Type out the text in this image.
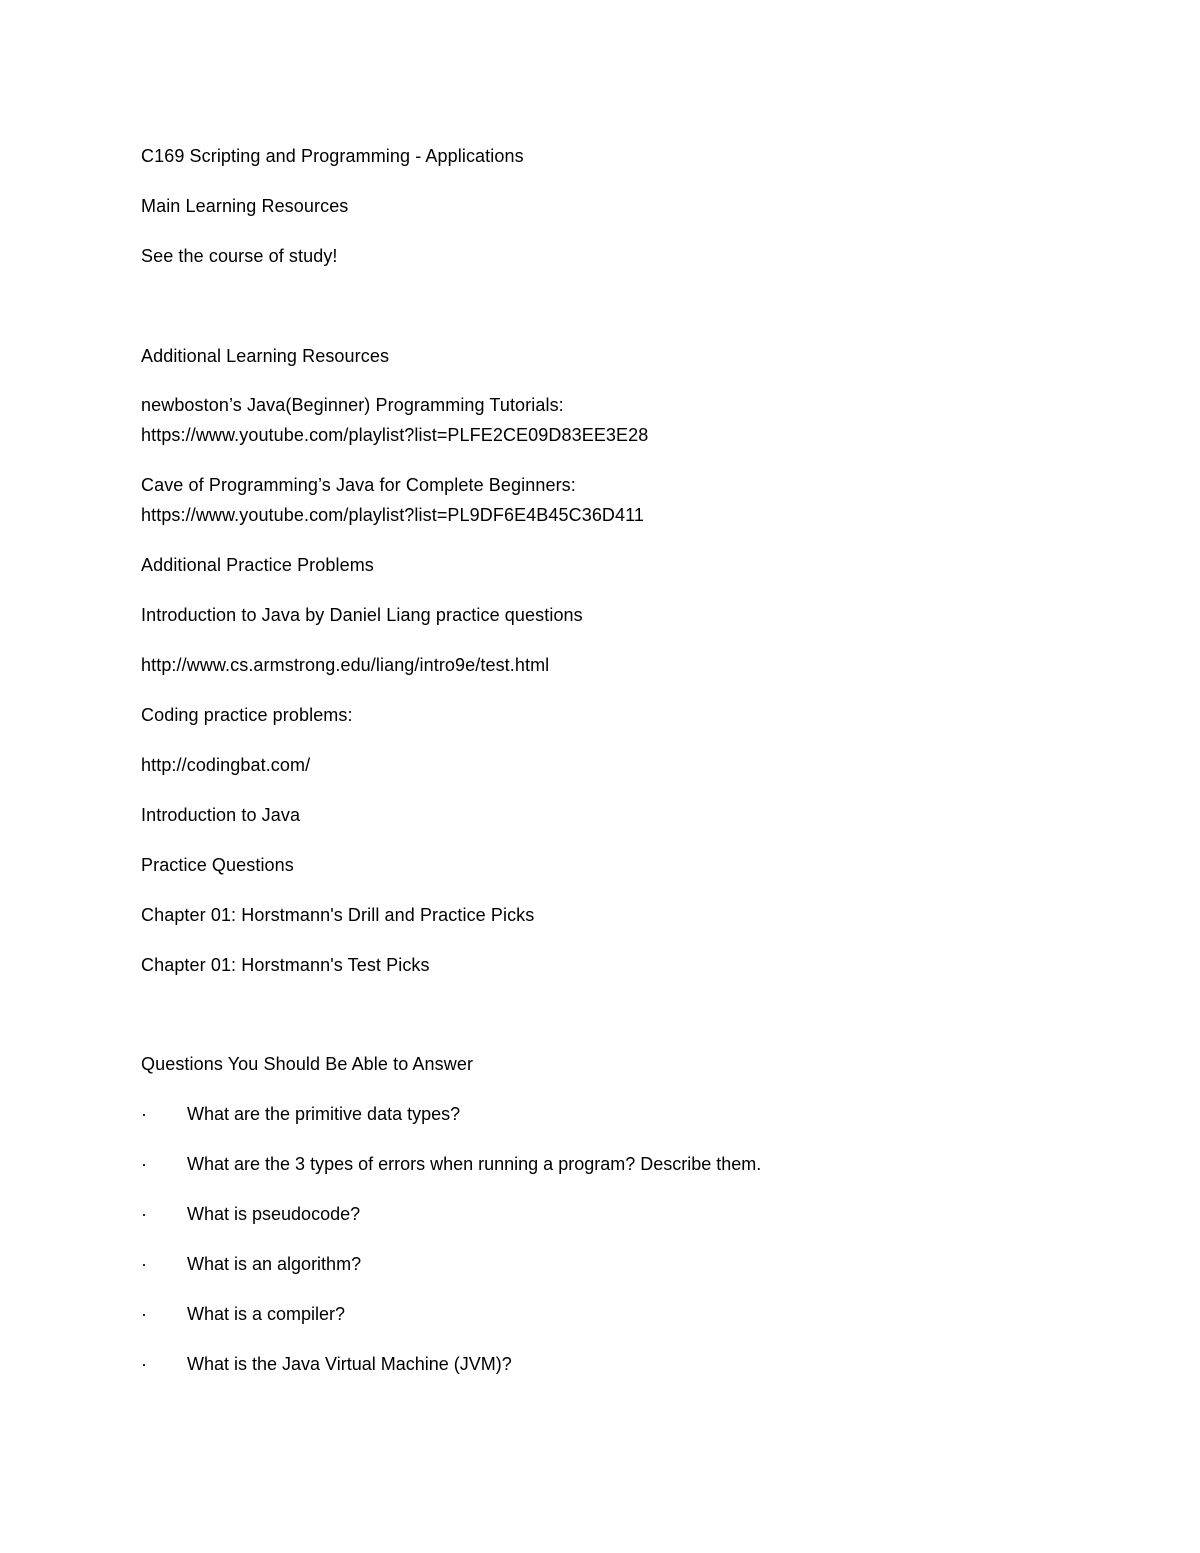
C169 Scripting and Programming - Applications
Main Learning Resources
See the course of study!
Additional Learning Resources
newboston’s Java(Beginner) Programming Tutorials:
https://www.youtube.com/playlist?list=PLFE2CE09D83EE3E28
Cave of Programming’s Java for Complete Beginners:
https://www.youtube.com/playlist?list=PL9DF6E4B45C36D411
Additional Practice Problems
Introduction to Java by Daniel Liang practice questions
http://www.cs.armstrong.edu/liang/intro9e/test.html
Coding practice problems:
http://codingbat.com/
Introduction to Java
Practice Questions
Chapter 01: Horstmann's Drill and Practice Picks
Chapter 01: Horstmann's Test Picks
Questions You Should Be Able to Answer
· What are the primitive data types?
· What are the 3 types of errors when running a program? Describe them.
· What is pseudocode?
· What is an algorithm?
· What is a compiler?
· What is the Java Virtual Machine (JVM)?
